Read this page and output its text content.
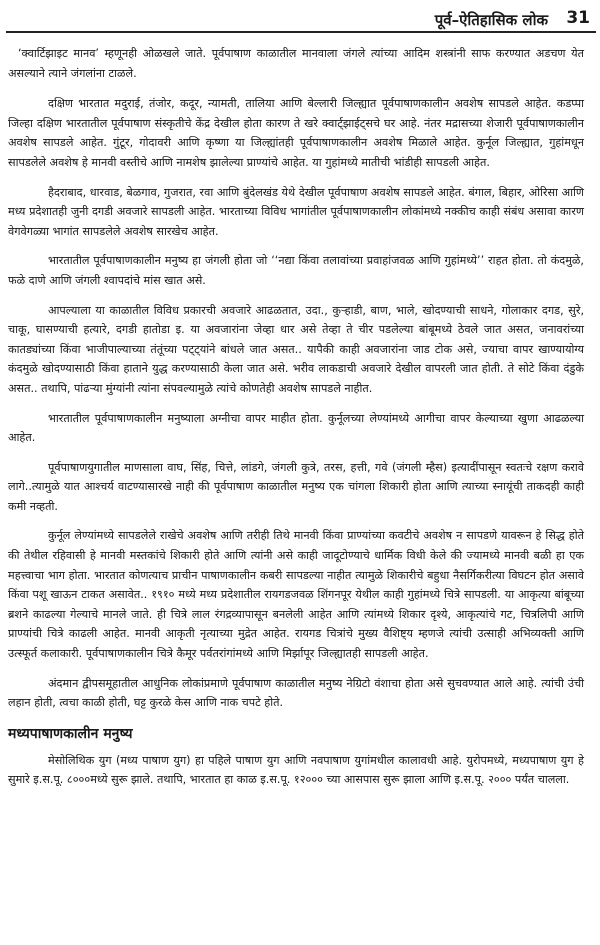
पूर्व–ऐतिहासिक लोक 31

‘क्वार्टिझाइट मानव’ म्हणूनही ओळखले जाते. पूर्वपाषाण काळातील मानवाला जंगले त्यांच्या आदिम शस्त्रांनी साफ करण्यात अडचण येत असल्याने त्याने जंगलांना टाळले.

दक्षिण भारतात मदुराई, तंजोर, कदूर, न्यामती, तालिया आणि बेल्लारी जिल्ह्यात पूर्वपाषाणकालीन अवशेष सापडले आहेत. कडप्पा जिल्हा दक्षिण भारतातील पूर्वपाषाण संस्कृतीचे केंद्र देखील होता कारण ते खरे क्वार्ट्झाईट्सचे घर आहे. नंतर मद्रासच्या शेजारी पूर्वपाषाणकालीन अवशेष सापडले आहेत. गुंटूर, गोदावरी आणि कृष्णा या जिल्ह्यांतही पूर्वपाषाणकालीन अवशेष मिळाले आहेत. कुर्नूल जिल्ह्यात, गुहांमधून सापडलेले अवशेष हे मानवी वस्तीचे आणि नामशेष झालेल्या प्राण्यांचे आहेत. या गुहांमध्ये मातीची भांडीही सापडली आहेत.

हैदराबाद, धारवाड, बेळगाव, गुजरात, रवा आणि बुंदेलखंड येथे देखील पूर्वपाषाण अवशेष सापडले आहेत. बंगाल, बिहार, ओरिसा आणि मध्य प्रदेशातही जुनी दगडी अवजारे सापडली आहेत. भारताच्या विविध भागांतील पूर्वपाषाणकालीन लोकांमध्ये नक्कीच काही संबंध असावा कारण वेगवेगळ्या भागांत सापडलेले अवशेष सारखेच आहेत.

भारतातील पूर्वपाषाणकालीन मनुष्य हा जंगली होता जो ‘‘नद्या किंवा तलावांच्या प्रवाहांजवळ आणि गुहांमध्ये’’ राहत होता. तो कंदमुळे, फळे दाणे आणि जंगली श्वापदांचे मांस खात असे.

आपल्याला या काळातील विविध प्रकारची अवजारे आढळतात, उदा., कुऱ्हाडी, बाण, भाले, खोदण्याची साधने, गोलाकार दगड, सुरे, चाकू, घासण्याची हत्यारे, दगडी हातोडा इ. या अवजारांना जेव्हा धार असे तेव्हा ते चीर पडलेल्या बांबूमध्ये ठेवले जात असत, जनावरांच्या कातड्यांच्या किंवा भाजीपाल्याच्या तंतूंच्या पट्ट्यांने बांधले जात असत.. यापैकी काही अवजारांना जाड टोक असे, ज्याचा वापर खाण्यायोग्य कंदमुळे खोदण्यासाठी किंवा हाताने युद्ध करण्यासाठी केला जात असे. भरीव लाकडाची अवजारे देखील वापरली जात होती. ते सोटे किंवा दंडुके असत.. तथापि, पांढऱ्या मुंग्यांनी त्यांना संपवल्यामुळे त्यांचे कोणतेही अवशेष सापडले नाहीत.

भारतातील पूर्वपाषाणकालीन मनुष्याला अग्नीचा वापर माहीत होता. कुर्नूलच्या लेण्यांमध्ये आगीचा वापर केल्याच्या खुणा आढळल्या आहेत.

पूर्वपाषाणयुगातील माणसाला वाघ, सिंह, चित्ते, लांडगे, जंगली कुत्रे, तरस, हत्ती, गवे (जंगली म्हैस) इत्यादींपासून स्वतःचे रक्षण करावे लागे..त्यामुळे यात आश्चर्य वाटण्यासारखे नाही की पूर्वपाषाण काळातील मनुष्य एक चांगला शिकारी होता आणि त्याच्या स्नायूंची ताकदही काही कमी नव्हती.

कुर्नूल लेण्यांमध्ये सापडलेले राखेचे अवशेष आणि तरीही तिथे मानवी किंवा प्राण्यांच्या कवटीचे अवशेष न सापडणे यावरून हे सिद्ध होते की तेथील रहिवासी हे मानवी मस्तकांचे शिकारी होते आणि त्यांनी असे काही जादूटोण्याचे धार्मिक विधी केले की ज्यामध्ये मानवी बळी हा एक महत्त्वाचा भाग होता. भारतात कोणत्याच प्राचीन पाषाणकालीन कबरी सापडल्या नाहीत त्यामुळे शिकारीचे बहुधा नैसर्गिकरीत्या विघटन होत असावे किंवा पशू खाऊन टाकत असावेत.. १९१० मध्ये मध्य प्रदेशातील रायगडजवळ शिंगनपूर येथील काही गुहांमध्ये चित्रे सापडली. या आकृत्या बांबूच्या ब्रशने काढल्या गेल्याचे मानले जाते. ही चित्रे लाल रंगद्रव्यापासून बनलेली आहेत आणि त्यांमध्ये शिकार दृश्ये, आकृत्यांचे गट, चित्रलिपी आणि प्राण्यांची चित्रे काढली आहेत. मानवी आकृती नृत्याच्या मुद्रेत आहेत. रायगड चित्रांचे मुख्य वैशिष्ट्य म्हणजे त्यांची उत्साही अभिव्यक्ती आणि उत्स्फूर्त कलाकारी. पूर्वपाषाणकालीन चित्रे कैमूर पर्वतरांगांमध्ये आणि मिर्झापूर जिल्ह्यातही सापडली आहेत.

अंदमान द्वीपसमूहातील आधुनिक लोकांप्रमाणे पूर्वपाषाण काळातील मनुष्य नेग्रिटो वंशाचा होता असे सुचवण्यात आले आहे. त्यांची उंची लहान होती, त्वचा काळी होती, घट्ट कुरळे केस आणि नाक चपटे होते.

मध्यपाषाणकालीन मनुष्य

मेसोलिथिक युग (मध्य पाषाण युग) हा पहिले पाषाण युग आणि नवपाषाण युगांमधील कालावधी आहे. युरोपमध्ये, मध्यपाषाण युग हे सुमारे इ.स.पू. ८०००मध्ये सुरू झाले. तथापि, भारतात हा काळ इ.स.पू. १२००० च्या आसपास सुरू झाला आणि इ.स.पू. २००० पर्यंत चालला.
